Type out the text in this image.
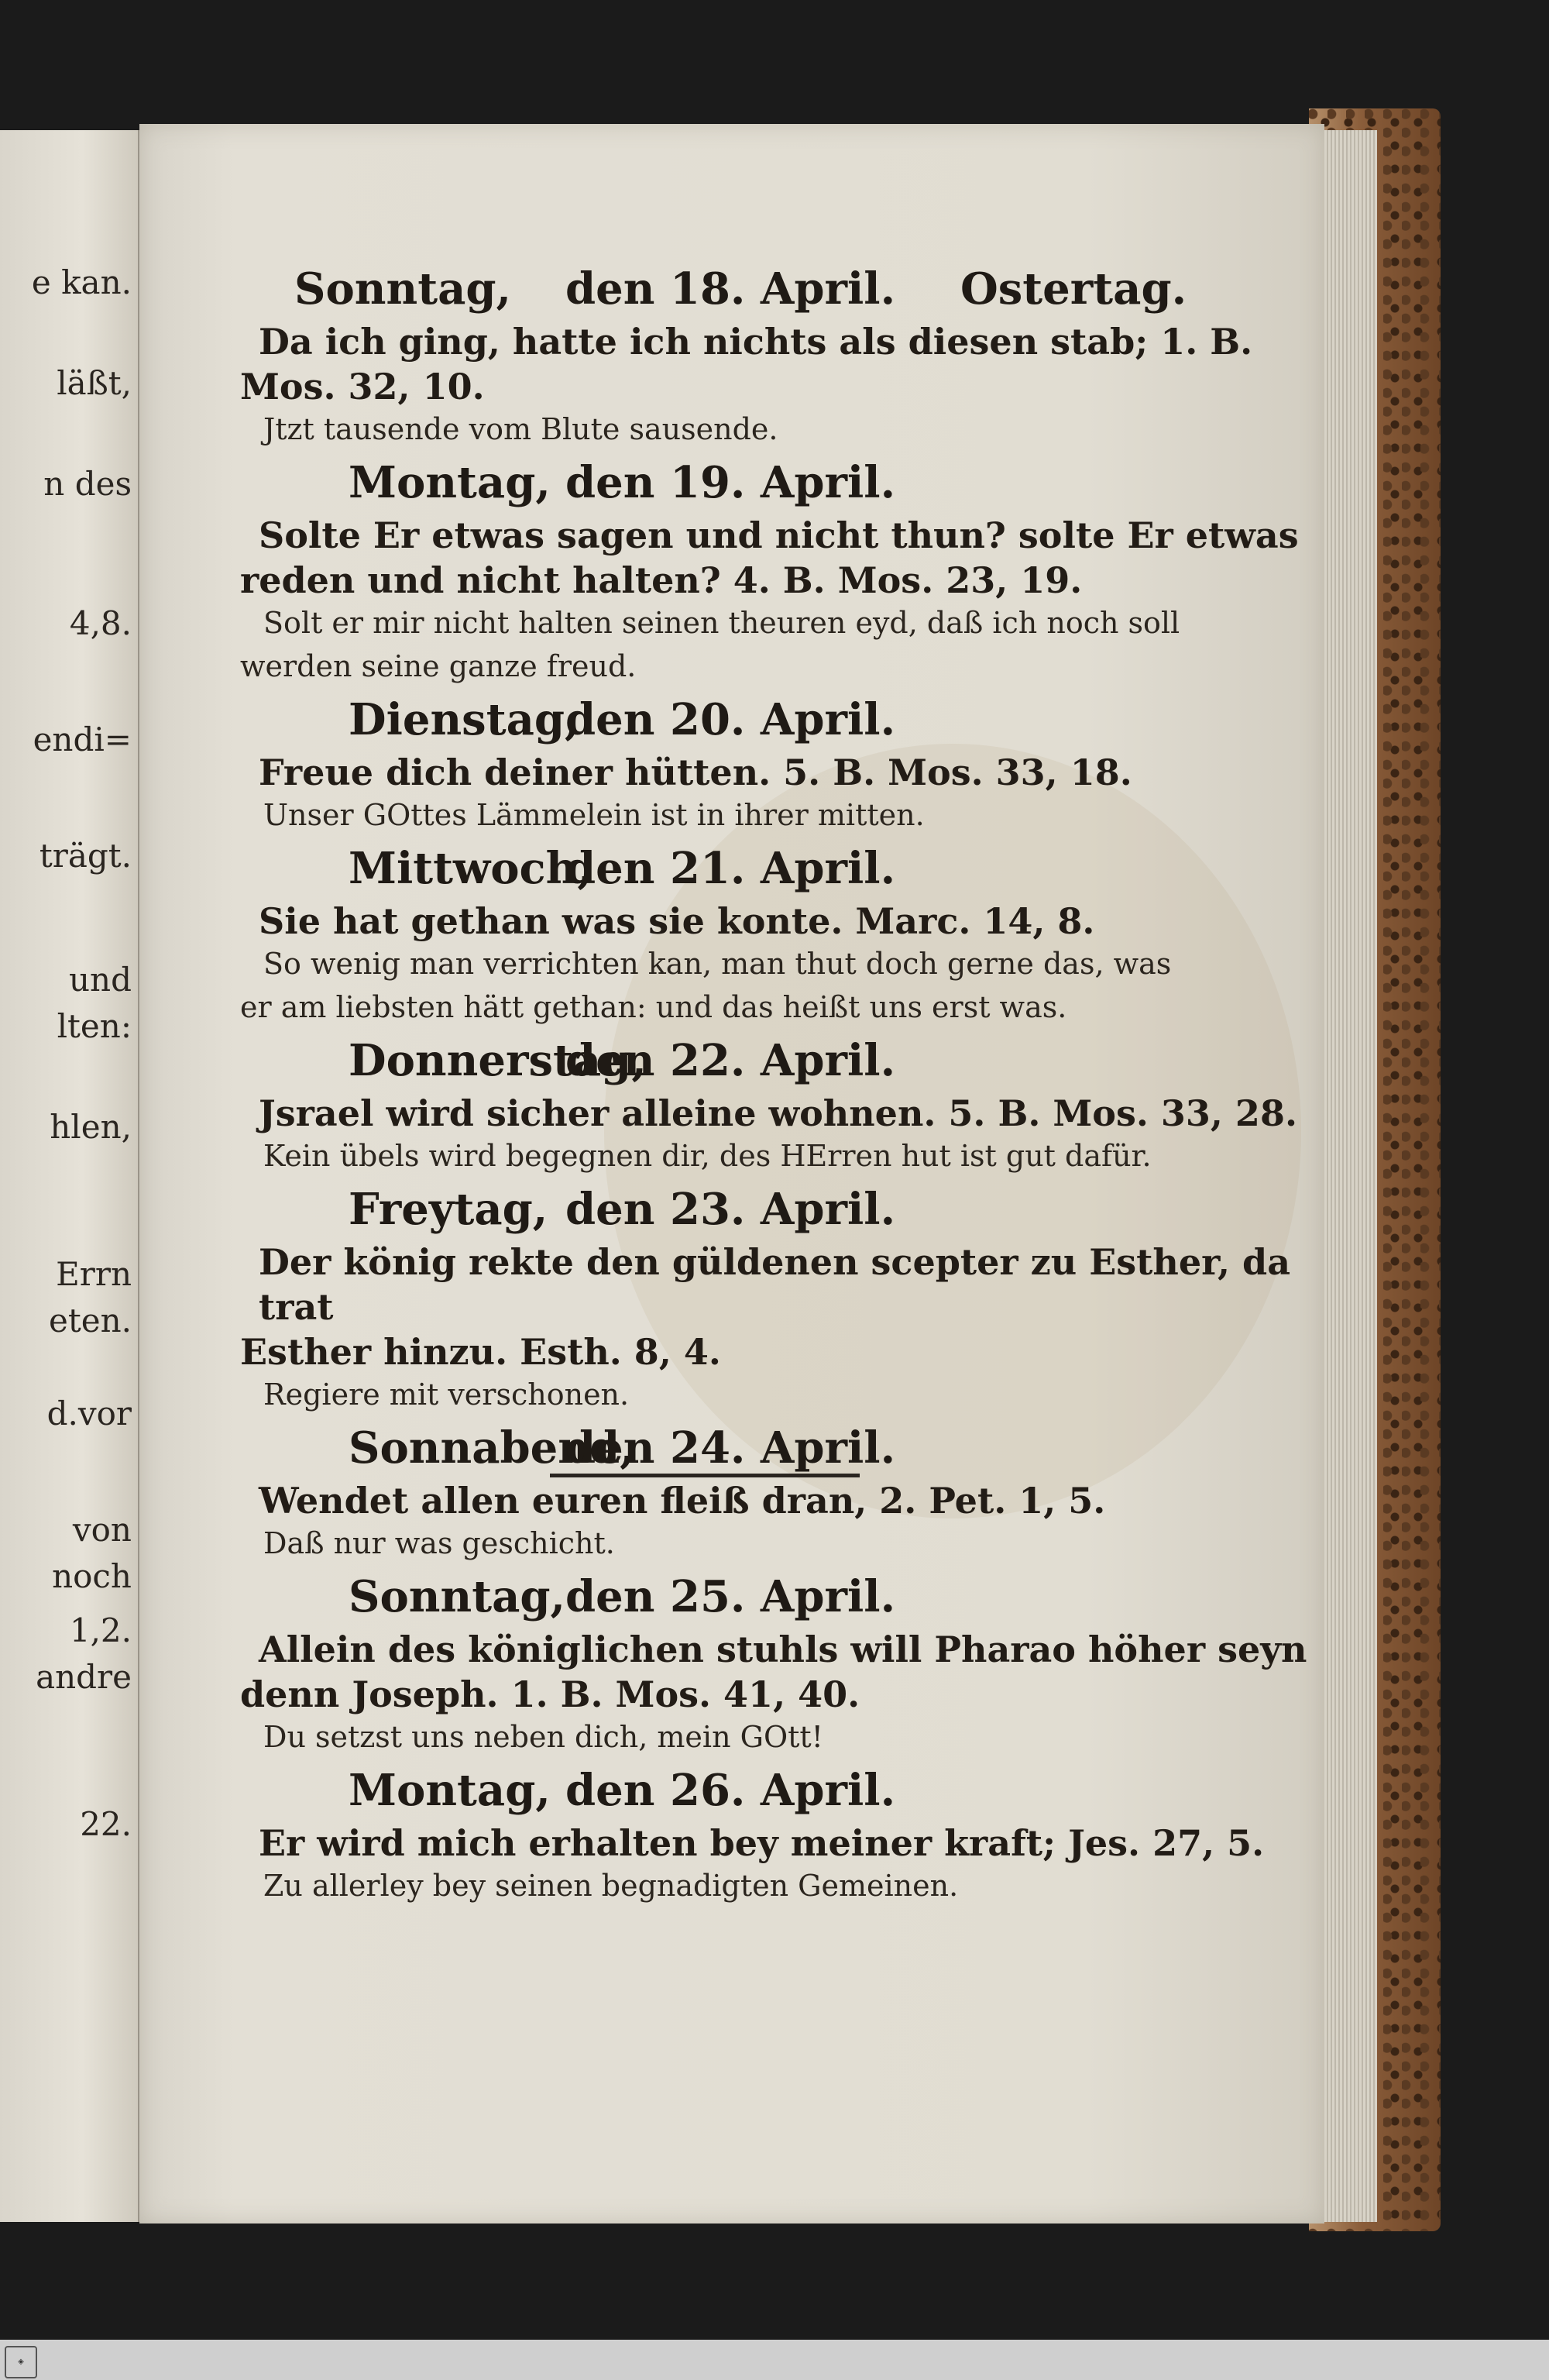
e kan.
läßt,
n des
4,8.
endi=
trägt.
und
lten:
hlen,
Errn
eten.
d.vor
von
noch
1,2.
andre
22.
Sonntag, den 18. April. Ostertag.
Da ich ging, hatte ich nichts als diesen stab; 1. B.
Mos. 32, 10.
Jtzt tausende vom Blute sausende.
Montag, den 19. April.
Solte Er etwas sagen und nicht thun? solte Er etwas
reden und nicht halten? 4. B. Mos. 23, 19.
Solt er mir nicht halten seinen theuren eyd, daß ich noch soll
werden seine ganze freud.
Dienstag,
den 20. April.
Freue dich deiner hütten. 5. B. Mos. 33, 18.
Unser GOttes Lämmelein ist in ihrer mitten.
Mittwoch,
den 21. April.
Sie hat gethan was sie konte. Marc. 14, 8.
So wenig man verrichten kan, man thut doch gerne das, was
er am liebsten hätt gethan: und das heißt uns erst was.
Donnerstag,
den 22. April.
Jsrael wird sicher alleine wohnen. 5. B. Mos. 33, 28.
Kein übels wird begegnen dir, des HErren hut ist gut dafür.
Freytag, den 23. April.
Der könig rekte den güldenen scepter zu Esther, da trat
Esther hinzu. Esth. 8, 4.
Regiere mit verschonen.
Sonnabend,
den 24. April.
Wendet allen euren fleiß dran, 2. Pet. 1, 5.
Daß nur was geschicht.
Sonntag, den 25. April.
Allein des königlichen stuhls will Pharao höher seyn
denn Joseph. 1. B. Mos. 41, 40.
Du setzst uns neben dich, mein GOtt!
Montag, den 26. April.
Er wird mich erhalten bey meiner kraft; Jes. 27, 5.
Zu allerley bey seinen begnadigten Gemeinen.
◈
